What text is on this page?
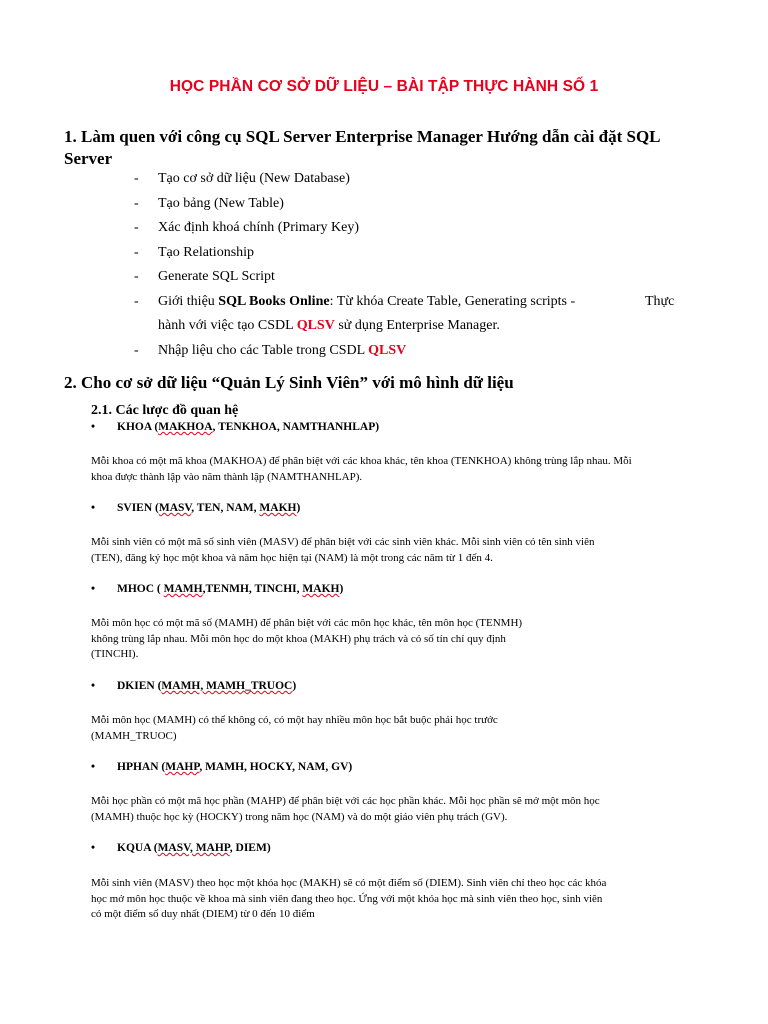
HỌC PHẦN CƠ SỞ DỮ LIỆU – BÀI TẬP THỰC HÀNH SỐ 1
1. Làm quen với công cụ SQL Server Enterprise Manager Hướng dẫn cài đặt SQL
Server
- Tạo cơ sở dữ liệu (New Database)
- Tạo bảng (New Table)
- Xác định khoá chính (Primary Key)
- Tạo Relationship
- Generate SQL Script
- Giới thiệu SQL Books Online: Từ khóa Create Table, Generating scripts -	Thực

hành với việc tạo CSDL QLSV sử dụng Enterprise Manager.
- Nhập liệu cho các Table trong CSDL QLSV
2. Cho cơ sở dữ liệu “Quản Lý Sinh Viên” với mô hình dữ liệu
2.1. Các lược đồ quan hệ
• KHOA (MAKHOA, TENKHOA, NAMTHANHLAP)
Mỗi khoa có một mã khoa (MAKHOA) để phân biệt với các khoa khác, tên khoa (TENKHOA) không trùng lắp nhau. Mỗi
khoa được thành lập vào năm thành lập (NAMTHANHLAP).
• SVIEN (MASV, TEN, NAM, MAKH)
Mỗi sinh viên có một mã số sinh viên (MASV) để phân biệt với các sinh viên khác. Mỗi sinh viên có tên sinh viên
(TEN), đăng ký học một khoa và năm học hiện tại (NAM) là một trong các năm từ 1 đến 4.
• MHOC ( MAMH,TENMH, TINCHI, MAKH)
Mỗi môn học có một mã số (MAMH) để phân biệt với các môn học khác, tên môn học (TENMH)
không trùng lắp nhau. Mỗi môn học do một khoa (MAKH) phụ trách và có số tín chỉ quy định
(TINCHI).
• DKIEN (MAMH, MAMH_TRUOC)
Mỗi môn học (MAMH) có thể không có, có một hay nhiều môn học bắt buộc phải học trước
(MAMH_TRUOC)
• HPHAN (MAHP, MAMH, HOCKY, NAM, GV)
Mỗi học phần có một mã học phần (MAHP) để phân biệt với các học phần khác. Mỗi học phần sẽ mở một môn học
(MAMH) thuộc học kỳ (HOCKY) trong năm học (NAM) và do một giáo viên phụ trách (GV).
• KQUA (MASV, MAHP, DIEM)
Mỗi sinh viên (MASV) theo học một khóa học (MAKH) sẽ có một điểm số (DIEM). Sinh viên chỉ theo học các khóa
học mở môn học thuộc về khoa mà sinh viên đang theo học. Ứng với một khóa học mà sinh viên theo học, sinh viên
có một điểm số duy nhất (DIEM) từ 0 đến 10 điểm
